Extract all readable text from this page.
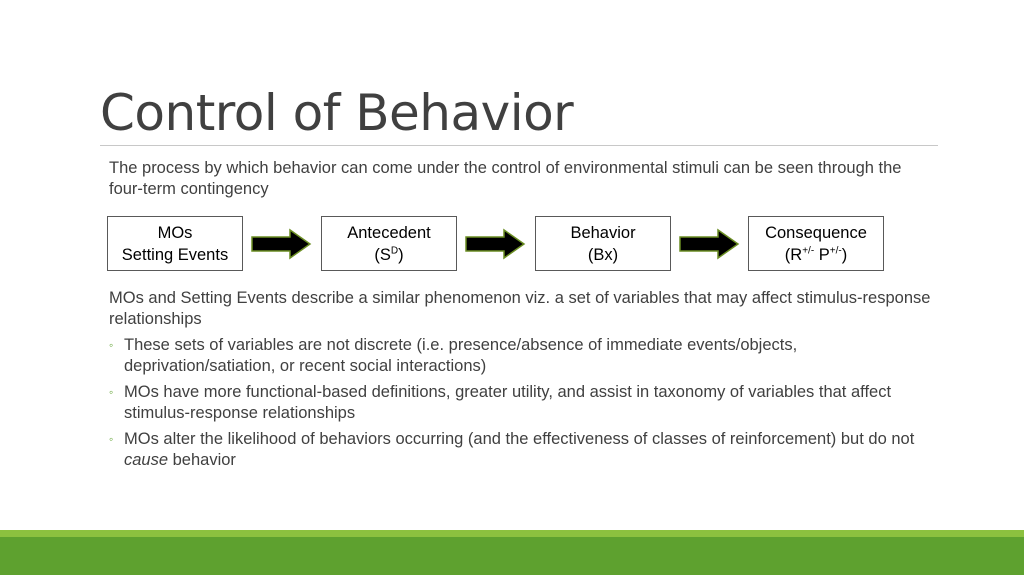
Control of Behavior

The process by which behavior can come under the control of environmental stimuli can be seen through the four-term contingency

MOs
Setting Events
Antecedent
$(S^D)$
Behavior
(Bx)
Consequence
(R+/- P+/-)

MOs and Setting Events describe a similar phenomenon viz. a set of variables that may affect stimulus-response relationships

◦ These sets of variables are not discrete (i.e. presence/absence of immediate events/objects, deprivation/satiation, or recent social interactions)
◦ MOs have more functional-based definitions, greater utility, and assist in taxonomy of variables that affect stimulus-response relationships
◦ MOs alter the likelihood of behaviors occurring (and the effectiveness of classes of reinforcement) but do not cause behavior
